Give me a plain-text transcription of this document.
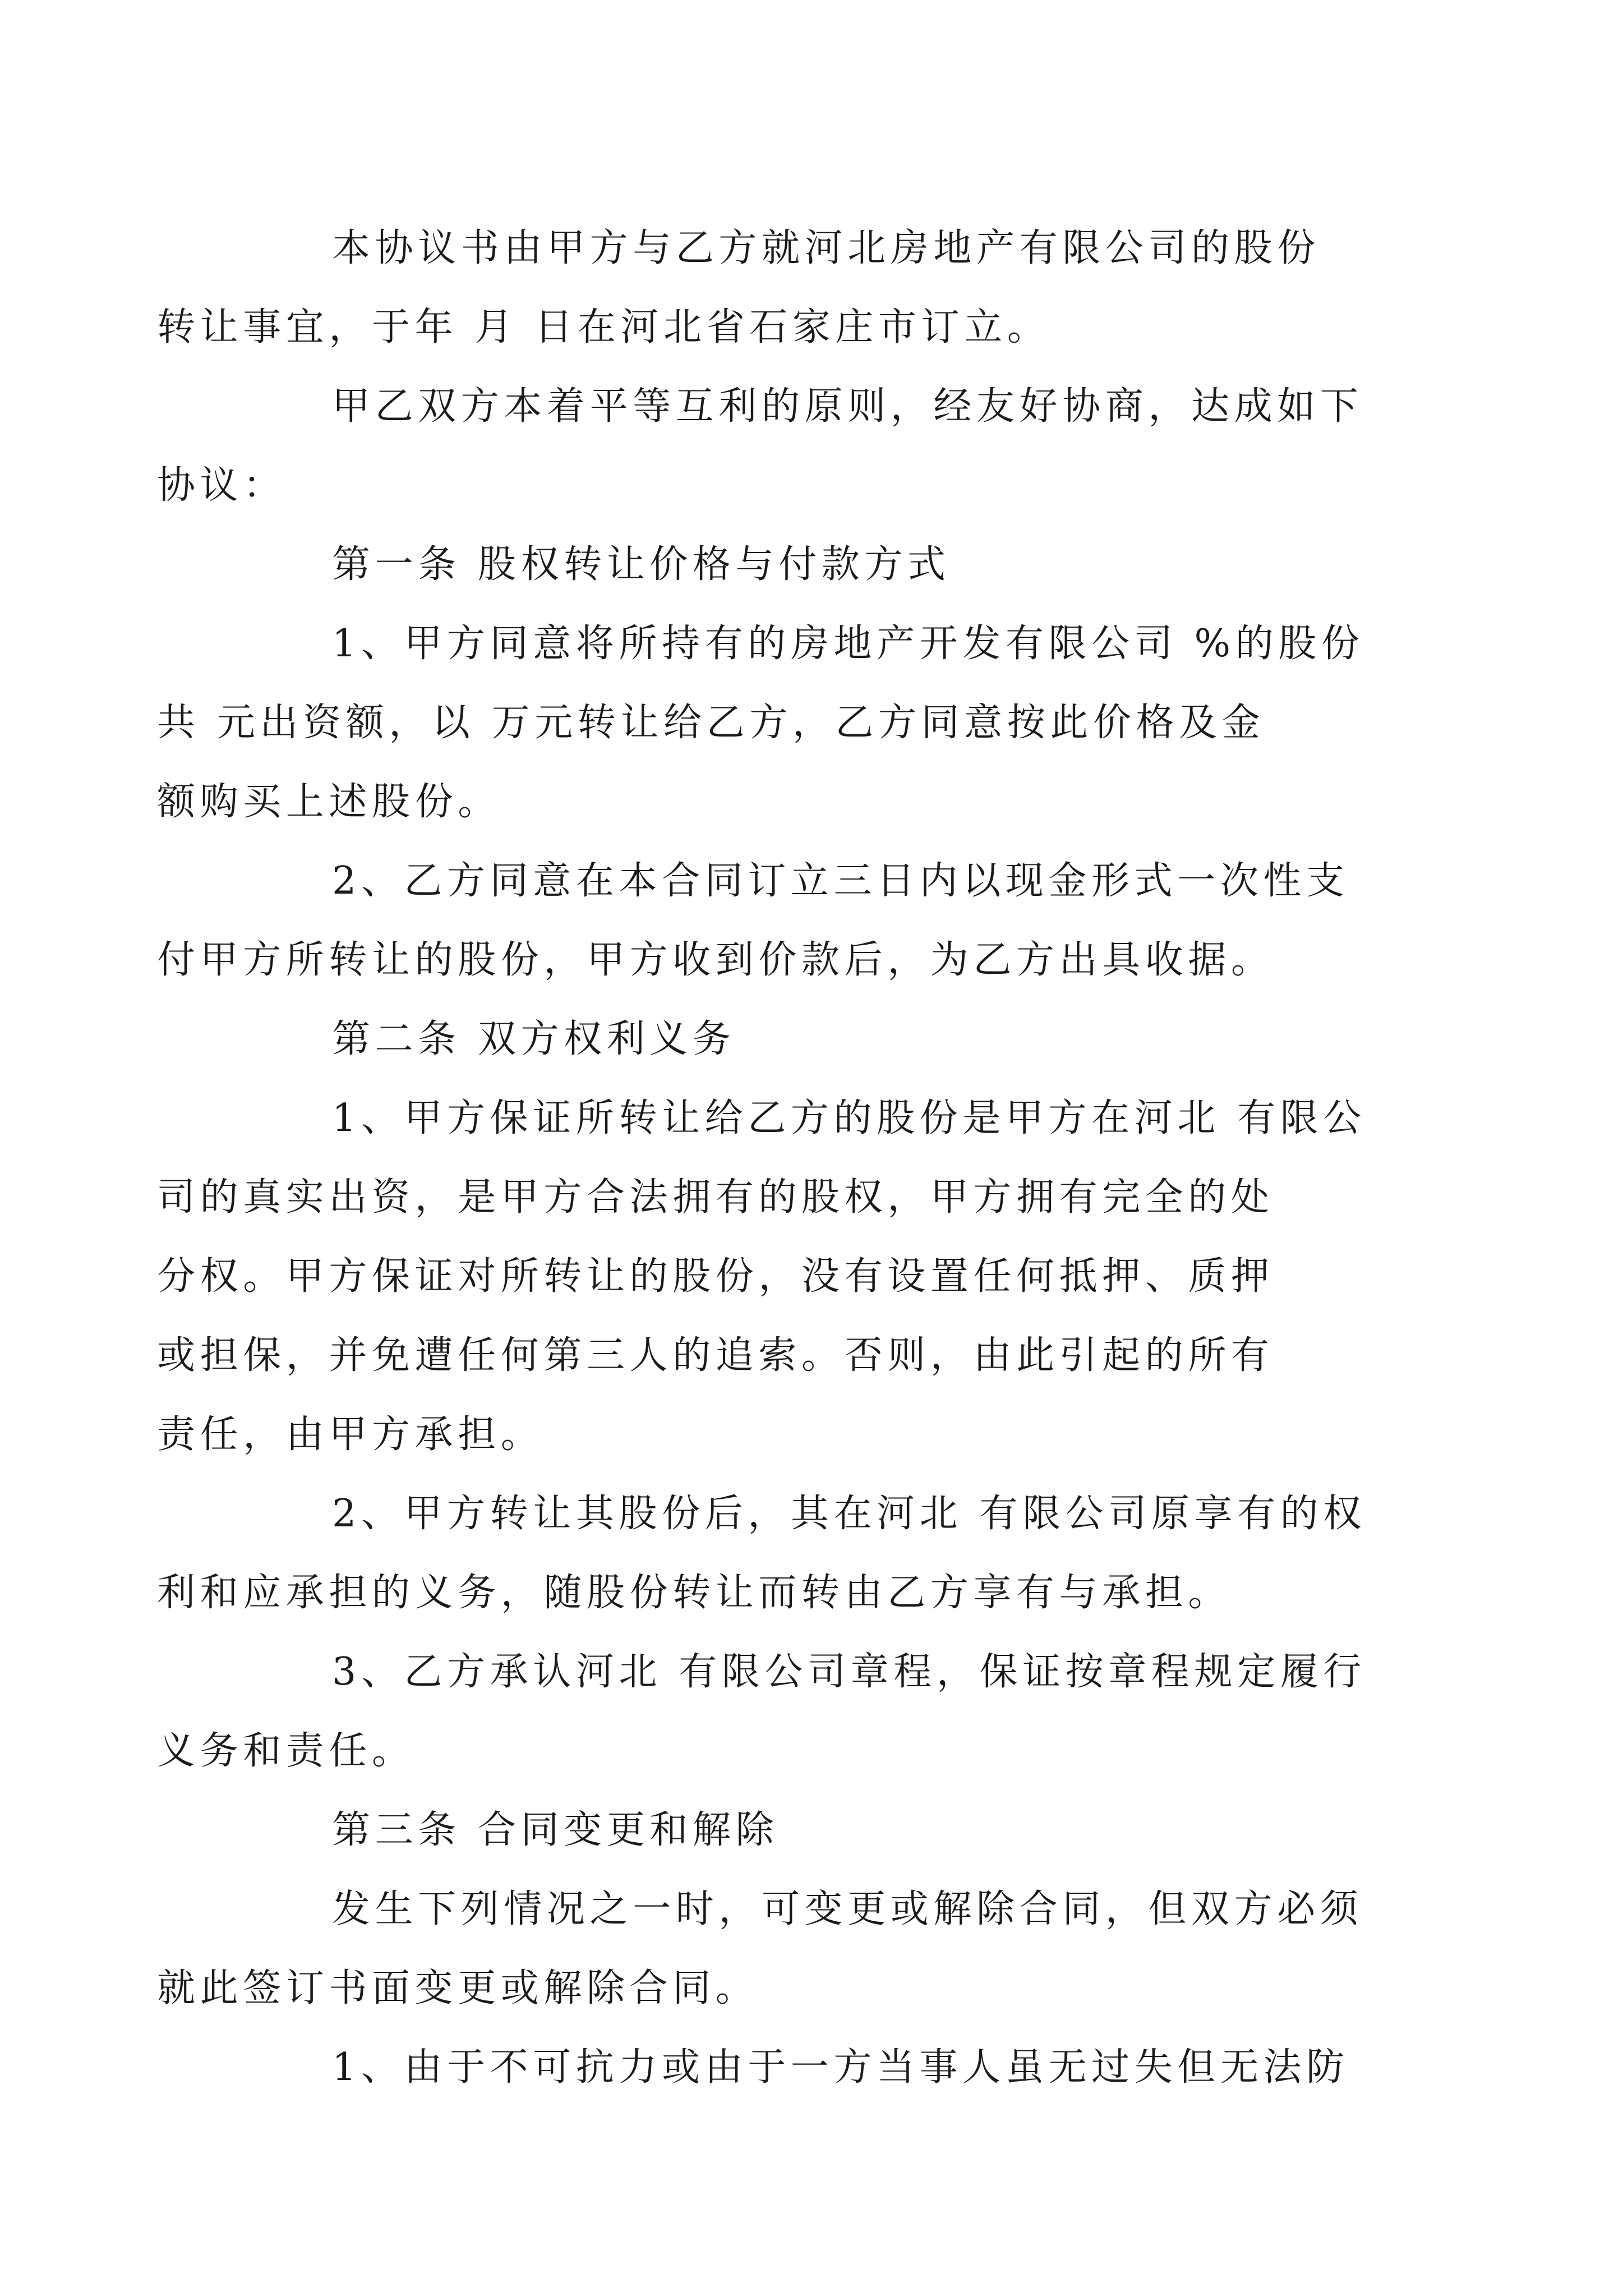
本协议书由甲方与乙方就河北房地产有限公司的股份
转让事宜，于年 月 日在河北省石家庄市订立。

甲乙双方本着平等互利的原则，经友好协商，达成如下
协议：

第一条 股权转让价格与付款方式

1、甲方同意将所持有的房地产开发有限公司 %的股份
共 元出资额，以 万元转让给乙方，乙方同意按此价格及金
额购买上述股份。

2、乙方同意在本合同订立三日内以现金形式一次性支
付甲方所转让的股份，甲方收到价款后，为乙方出具收据。

第二条 双方权利义务

1、甲方保证所转让给乙方的股份是甲方在河北 有限公
司的真实出资，是甲方合法拥有的股权，甲方拥有完全的处
分权。甲方保证对所转让的股份，没有设置任何抵押、质押
或担保，并免遭任何第三人的追索。否则，由此引起的所有
责任，由甲方承担。

2、甲方转让其股份后，其在河北 有限公司原享有的权
利和应承担的义务，随股份转让而转由乙方享有与承担。

3、乙方承认河北 有限公司章程，保证按章程规定履行
义务和责任。

第三条 合同变更和解除

发生下列情况之一时，可变更或解除合同，但双方必须
就此签订书面变更或解除合同。

1、由于不可抗力或由于一方当事人虽无过失但无法防
